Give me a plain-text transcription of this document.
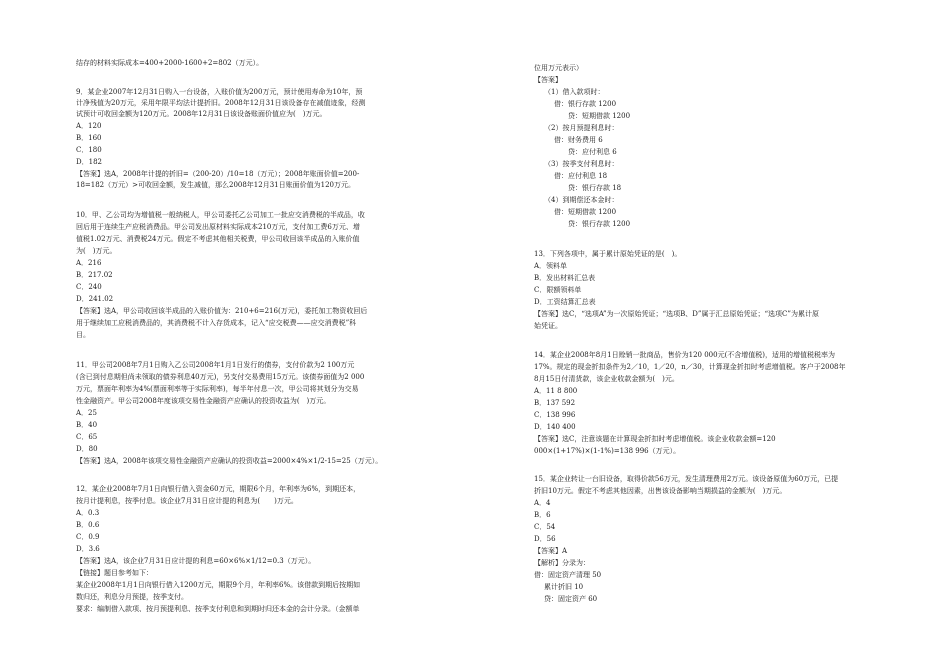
结存的材料实际成本=400+2000-1600+2=802（万元）。
9．某企业2007年12月31日购入一台设备，入账价值为200万元，预计使用寿命为10年，预
计净残值为20万元，采用年限平均法计提折旧。2008年12月31日该设备存在减值迹象，经测
试预计可收回金额为120万元。2008年12月31日该设备账面价值应为(　)万元。
A．120
B．160
C．180
D．182
【答案】选A，2008年计提的折旧=（200-20）/10=18（万元）；2008年账面价值=200-
18=182（万元）>可收回金额，发生减值，那么2008年12月31日账面价值为120万元。
10．甲、乙公司均为增值税一般纳税人，甲公司委托乙公司加工一批应交消费税的半成品，收
回后用于连续生产应税消费品。甲公司发出原材料实际成本210万元，支付加工费6万元、增
值税1.02万元、消费税24万元。假定不考虑其他相关税费，甲公司收回该半成品的入账价值
为(　)万元。
A．216
B．217.02
C．240
D．241.02
【答案】选A，甲公司收回该半成品的入账价值为：210+6=216(万元)，委托加工物资收回后
用于继续加工应税消费品的，其消费税不计入存货成本，记入“应交税费——应交消费税”科
目。
11．甲公司2008年7月1日购入乙公司2008年1月1日发行的债券，支付价款为2 100万元
(含已到付息期但尚未领取的债券利息40万元)，另支付交易费用15万元。该债券面值为2 000
万元，票面年利率为4%(票面利率等于实际利率)，每半年付息一次，甲公司将其划分为交易
性金融资产。甲公司2008年度该项交易性金融资产应确认的投资收益为(　)万元。
A．25
B．40
C．65
D．80
【答案】选A，2008年该项交易性金融资产应确认的投资收益=2000×4%×1/2-15=25（万元）。
12．某企业2008年7月1日向银行借入资金60万元，期限6个月，年利率为6%，到期还本，
按月计提利息，按季付息。该企业7月31日应计提的利息为(　　)万元。
A．0.3
B．0.6
C．0.9
D．3.6
【答案】选A，该企业7月31日应计提的利息=60×6%×1/12=0.3（万元）。
【链接】题目参考如下：
某企业2008年1月1日向银行借入1200万元，期限9个月，年利率6%。该借款到期后按期如
数归还，利息分月预提，按季支付。
要求：编制借入款项、按月预提利息、按季支付利息和到期时归还本金的会计分录。（金额单
位用万元表示）
【答案】
（1）借入款项时：
借：银行存款 1200
贷：短期借款 1200
（2）按月预提利息时：
借：财务费用 6
贷：应付利息 6
（3）按季支付利息时：
借：应付利息 18
贷：银行存款 18
（4）到期偿还本金时：
借：短期借款 1200
贷：银行存款 1200
13．下列各项中，属于累计原始凭证的是(　)。
A．领料单
B．发出材料汇总表
C．限额领料单
D．工资结算汇总表
【答案】选C，“选项A”为一次原始凭证；“选项B、D”属于汇总原始凭证；“选项C”为累计原
始凭证。
14．某企业2008年8月1日赊销一批商品，售价为120 000元(不含增值税)，适用的增值税税率为
17%。规定的现金折扣条件为2／10，1／20，n／30，计算现金折扣时考虑增值税。客户于2008年
8月15日付清货款，该企业收款金额为(　)元。
A．11 8 800
B．137 592
C．138 996
D．140 400
【答案】选C，注意该题在计算现金折扣时考虑增值税。该企业收款金额=120
000×(1+17%)×(1-1%)=138 996（万元）。
15．某企业转让一台旧设备，取得价款56万元，发生清理费用2万元。该设备原值为60万元，已提
折旧10万元。假定不考虑其他因素，出售该设备影响当期损益的金额为(　)万元。
A．4
B．6
C．54
D．56
【答案】A
【解析】分录为：
借：固定资产清理 50
累计折旧 10
贷：固定资产 60
